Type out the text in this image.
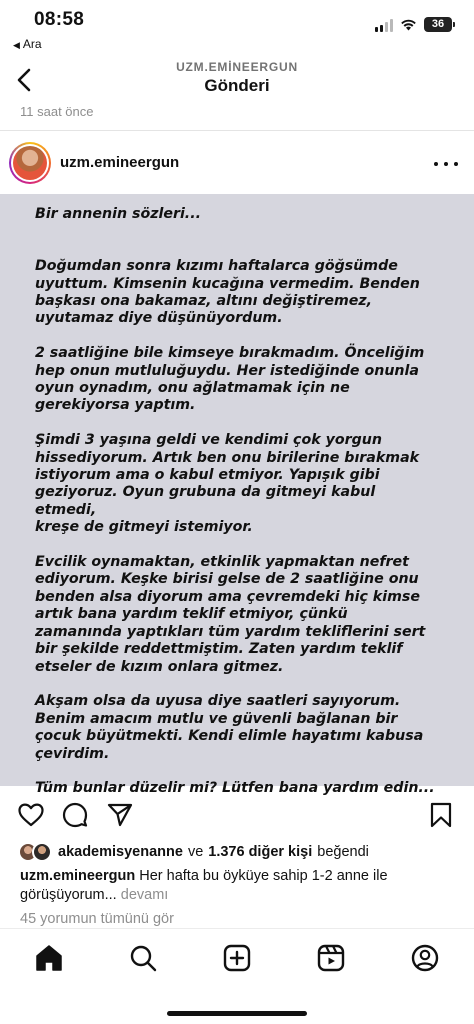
08:58
◀ Ara
36
UZM.EMİNEERGUN
Gönderi
11 saat önce
uzm.emineergun

Bir annenin sözleri...

Doğumdan sonra kızımı haftalarca göğsümde
uyuttum. Kimsenin kucağına vermedim. Benden
başkası ona bakamaz, altını değiştiremez,
uyutamaz diye düşünüyordum.

2 saatliğine bile kimseye bırakmadım. Önceliğim
hep onun mutluluğuydu. Her istediğinde onunla
oyun oynadım, onu ağlatmamak için ne
gerekiyorsa yaptım.

Şimdi 3 yaşına geldi ve kendimi çok yorgun
hissediyorum. Artık ben onu birilerine bırakmak
istiyorum ama o kabul etmiyor. Yapışık gibi
geziyoruz. Oyun grubuna da gitmeyi kabul etmedi,
kreşe de gitmeyi istemiyor.

Evcilik oynamaktan, etkinlik yapmaktan nefret
ediyorum. Keşke birisi gelse de 2 saatliğine onu
benden alsa diyorum ama çevremdeki hiç kimse
artık bana yardım teklif etmiyor, çünkü
zamanında yaptıkları tüm yardım tekliflerini sert
bir şekilde reddettmiştim. Zaten yardım teklif
etseler de kızım onlara gitmez.

Akşam olsa da uyusa diye saatleri sayıyorum.
Benim amacım mutlu ve güvenli bağlanan bir
çocuk büyütmekti. Kendi elimle hayatımı kabusa
çevirdim.

Tüm bunlar düzelir mi? Lütfen bana yardım edin...

akademisyenanne ve 1.376 diğer kişi beğendi
uzm.emineergun Her hafta bu öyküye sahip 1-2 anne ile görüşüyorum... devamı
45 yorumun tümünü gör
